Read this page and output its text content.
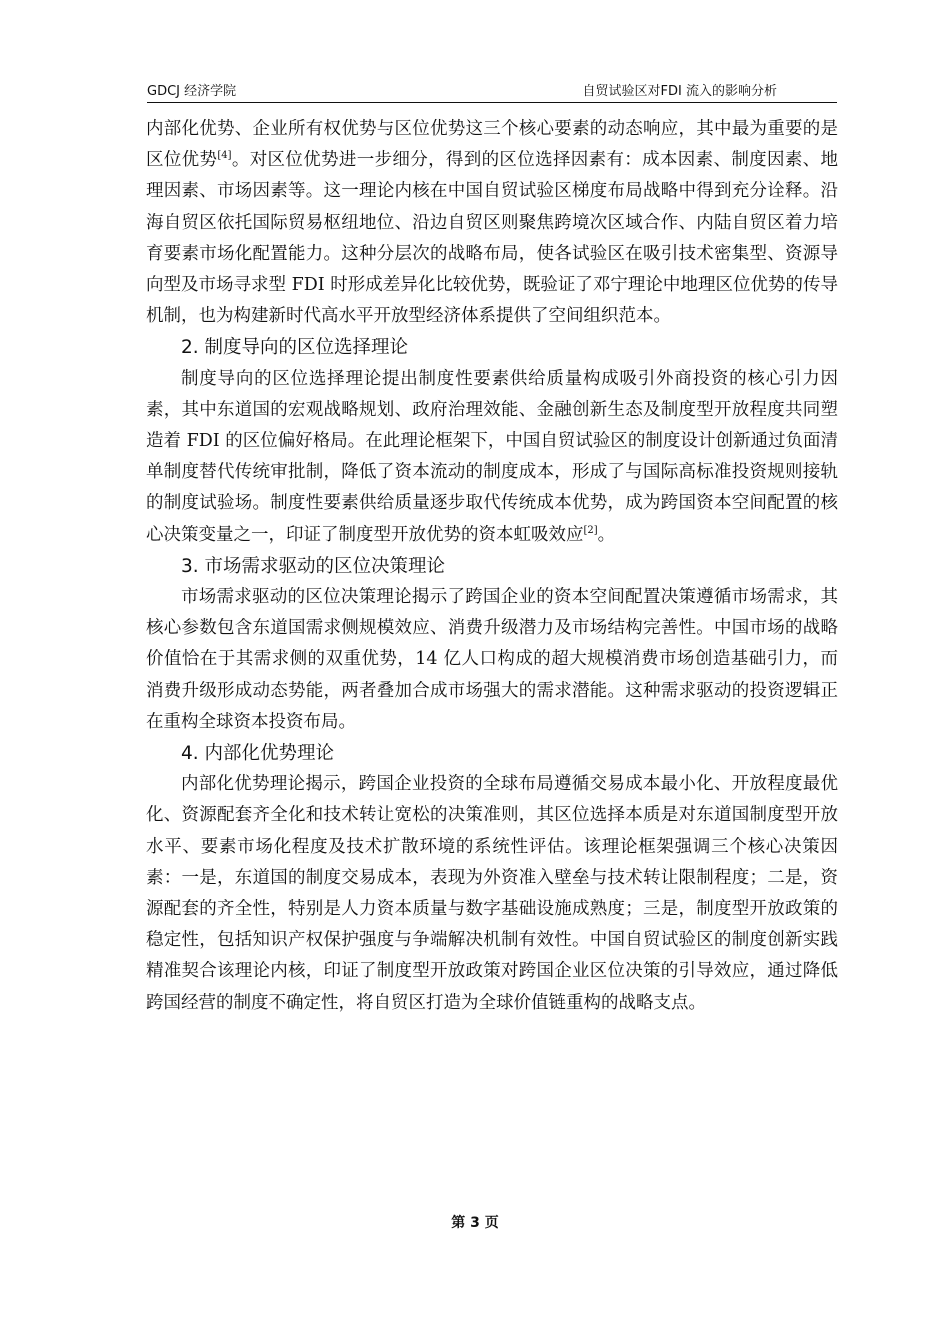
GDCJ 经济学院	自贸试验区对FDI 流入的影响分析

内部化优势、企业所有权优势与区位优势这三个核心要素的动态响应，其中最为重要的是区位优势[4]。对区位优势进一步细分，得到的区位选择因素有：成本因素、制度因素、地理因素、市场因素等。这一理论内核在中国自贸试验区梯度布局战略中得到充分诠释。沿海自贸区依托国际贸易枢纽地位、沿边自贸区则聚焦跨境次区域合作、内陆自贸区着力培育要素市场化配置能力。这种分层次的战略布局，使各试验区在吸引技术密集型、资源导向型及市场寻求型 FDI 时形成差异化比较优势，既验证了邓宁理论中地理区位优势的传导机制，也为构建新时代高水平开放型经济体系提供了空间组织范本。

2. 制度导向的区位选择理论

制度导向的区位选择理论提出制度性要素供给质量构成吸引外商投资的核心引力因素，其中东道国的宏观战略规划、政府治理效能、金融创新生态及制度型开放程度共同塑造着 FDI 的区位偏好格局。在此理论框架下，中国自贸试验区的制度设计创新通过负面清单制度替代传统审批制，降低了资本流动的制度成本，形成了与国际高标准投资规则接轨的制度试验场。制度性要素供给质量逐步取代传统成本优势，成为跨国资本空间配置的核心决策变量之一，印证了制度型开放优势的资本虹吸效应[2]。

3. 市场需求驱动的区位决策理论

市场需求驱动的区位决策理论揭示了跨国企业的资本空间配置决策遵循市场需求，其核心参数包含东道国需求侧规模效应、消费升级潜力及市场结构完善性。中国市场的战略价值恰在于其需求侧的双重优势，14 亿人口构成的超大规模消费市场创造基础引力，而消费升级形成动态势能，两者叠加合成市场强大的需求潜能。这种需求驱动的投资逻辑正在重构全球资本投资布局。

4. 内部化优势理论

内部化优势理论揭示，跨国企业投资的全球布局遵循交易成本最小化、开放程度最优化、资源配套齐全化和技术转让宽松的决策准则，其区位选择本质是对东道国制度型开放水平、要素市场化程度及技术扩散环境的系统性评估。该理论框架强调三个核心决策因素：一是，东道国的制度交易成本，表现为外资准入壁垒与技术转让限制程度；二是，资源配套的齐全性，特别是人力资本质量与数字基础设施成熟度；三是，制度型开放政策的稳定性，包括知识产权保护强度与争端解决机制有效性。中国自贸试验区的制度创新实践精准契合该理论内核，印证了制度型开放政策对跨国企业区位决策的引导效应，通过降低跨国经营的制度不确定性，将自贸区打造为全球价值链重构的战略支点。

第 3 页
